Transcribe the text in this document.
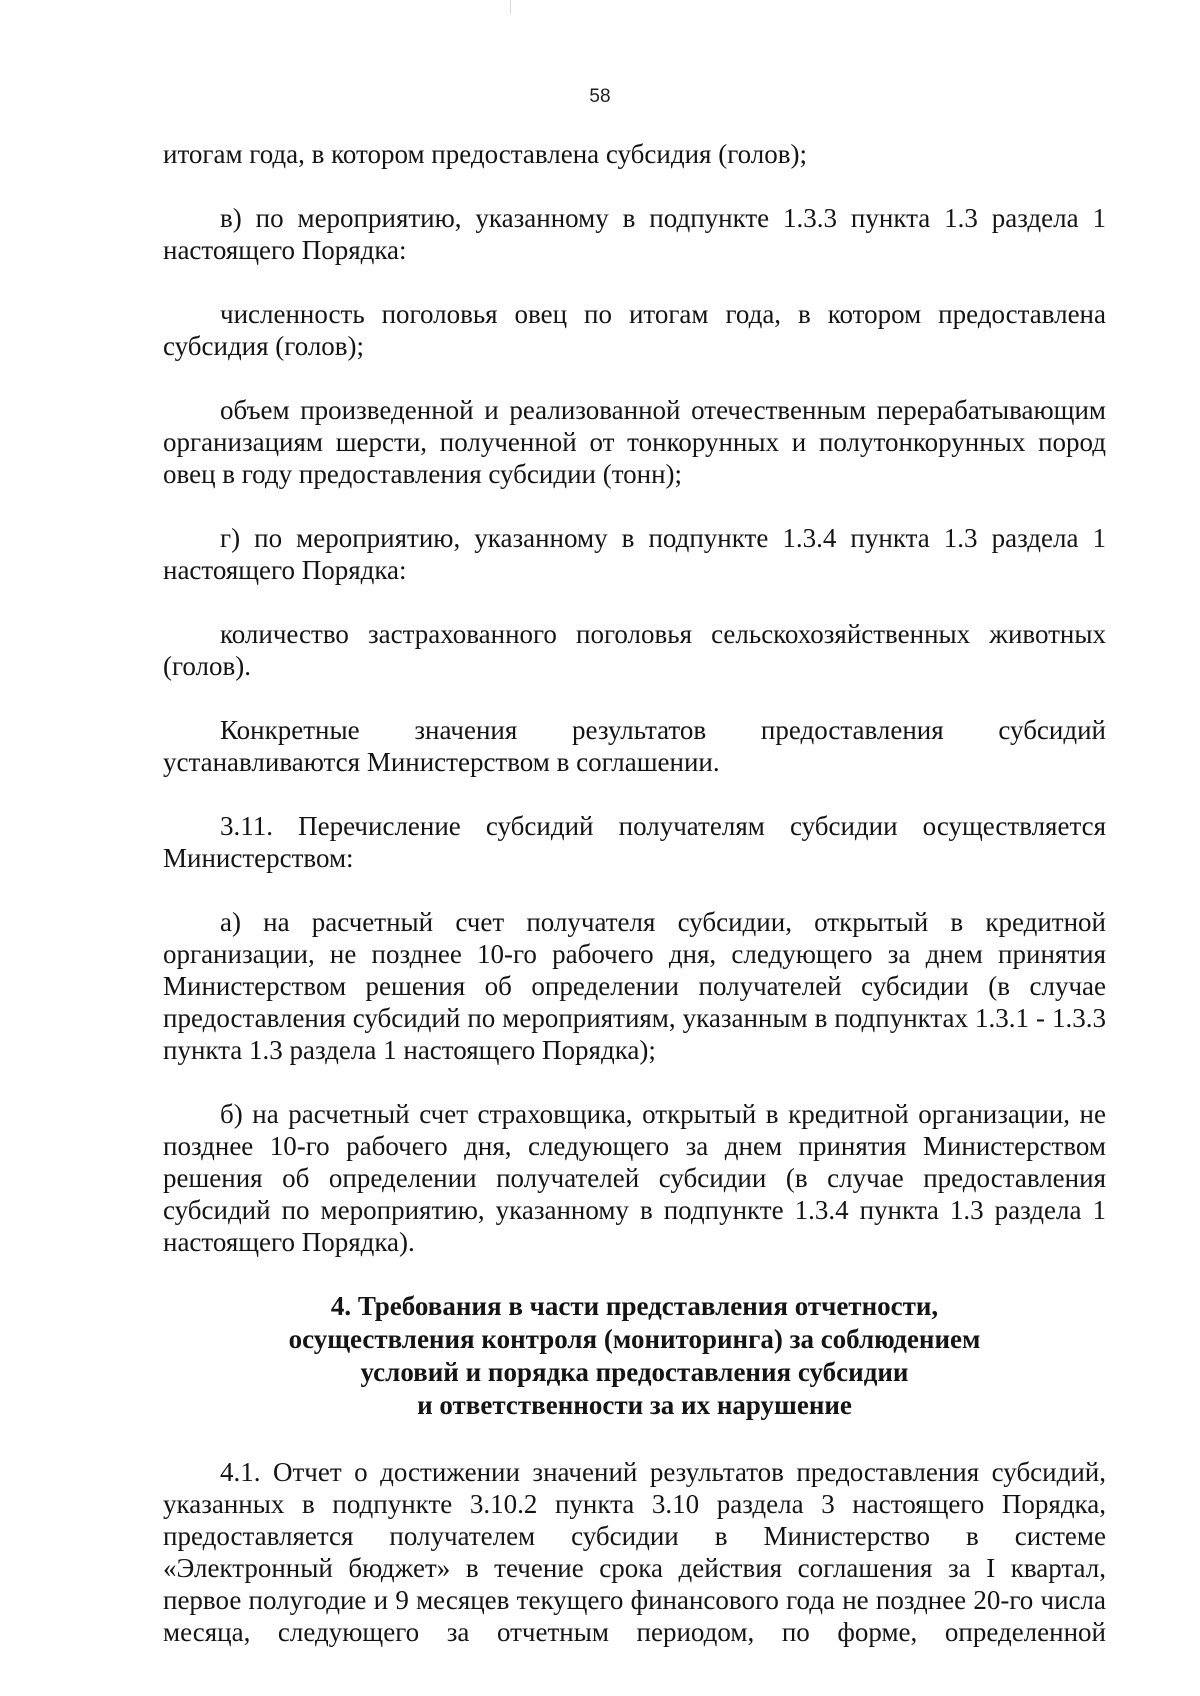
58

итогам года, в котором предоставлена субсидия (голов);

в) по мероприятию, указанному в подпункте 1.3.3 пункта 1.3 раздела 1 настоящего Порядка:

численность поголовья овец по итогам года, в котором предоставлена субсидия (голов);

объем произведенной и реализованной отечественным перерабатывающим организациям шерсти, полученной от тонкорунных и полутонкорунных пород овец в году предоставления субсидии (тонн);

г) по мероприятию, указанному в подпункте 1.3.4 пункта 1.3 раздела 1 настоящего Порядка:

количество застрахованного поголовья сельскохозяйственных животных (голов).

Конкретные значения результатов предоставления субсидий устанавливаются Министерством в соглашении.

3.11. Перечисление субсидий получателям субсидии осуществляется Министерством:

а) на расчетный счет получателя субсидии, открытый в кредитной организации, не позднее 10-го рабочего дня, следующего за днем принятия Министерством решения об определении получателей субсидии (в случае предоставления субсидий по мероприятиям, указанным в подпунктах 1.3.1 - 1.3.3 пункта 1.3 раздела 1 настоящего Порядка);

б) на расчетный счет страховщика, открытый в кредитной организации, не позднее 10-го рабочего дня, следующего за днем принятия Министерством решения об определении получателей субсидии (в случае предоставления субсидий по мероприятию, указанному в подпункте 1.3.4 пункта 1.3 раздела 1 настоящего Порядка).

4. Требования в части представления отчетности,
осуществления контроля (мониторинга) за соблюдением
условий и порядка предоставления субсидии
и ответственности за их нарушение

4.1. Отчет о достижении значений результатов предоставления субсидий, указанных в подпункте 3.10.2 пункта 3.10 раздела 3 настоящего Порядка, предоставляется получателем субсидии в Министерство в системе «Электронный бюджет» в течение срока действия соглашения за I квартал, первое полугодие и 9 месяцев текущего финансового года не позднее 20-го числа месяца, следующего за отчетным периодом, по форме, определенной
